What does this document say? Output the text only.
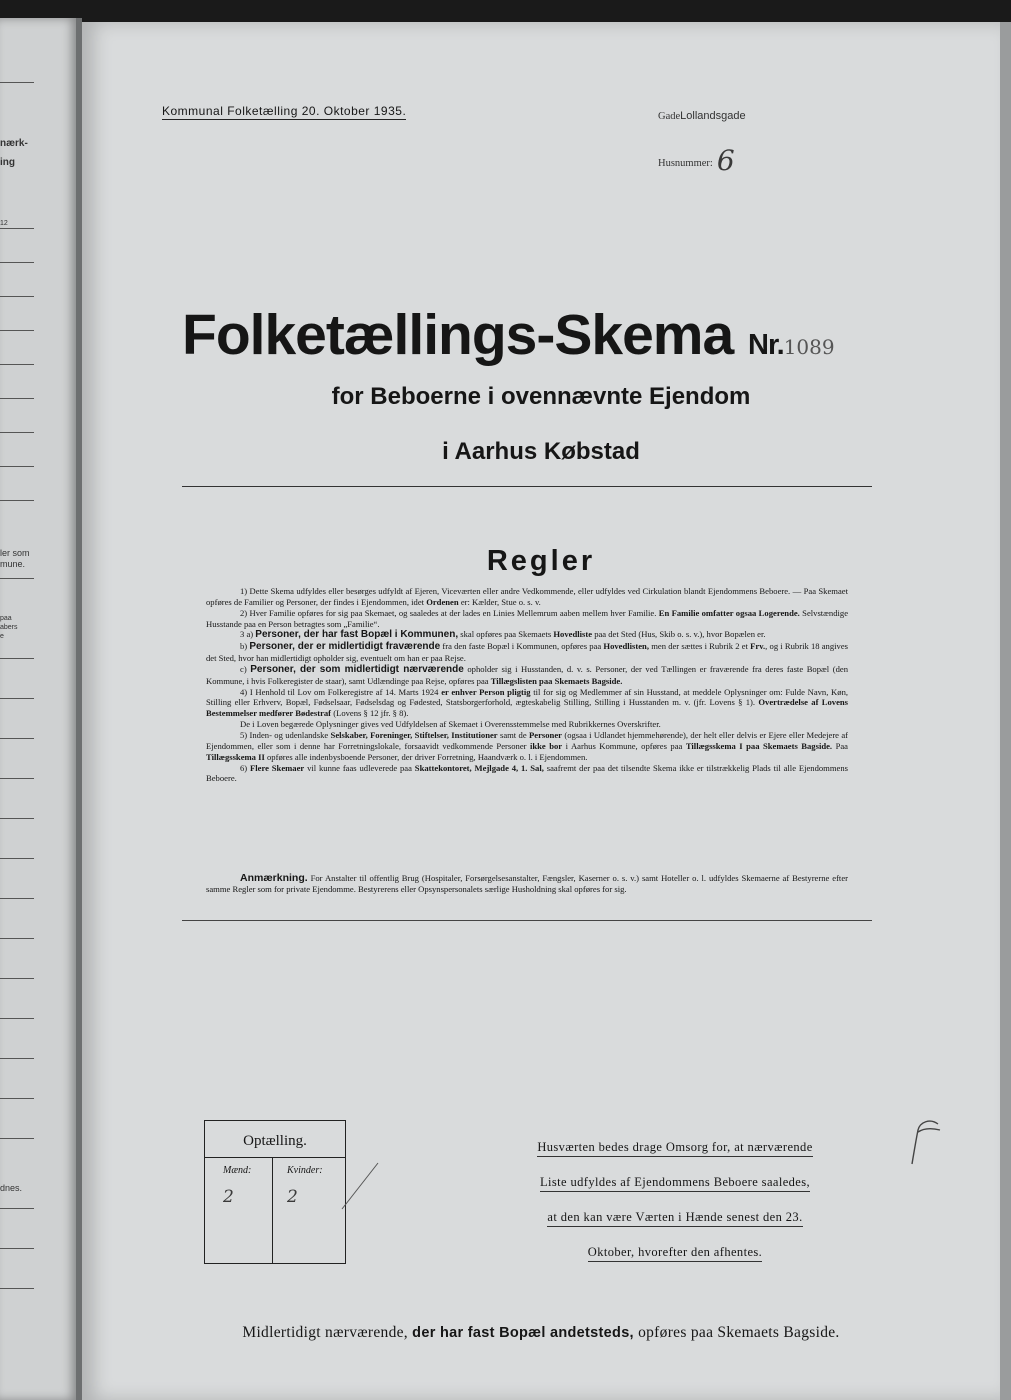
nærk-
ing
12
ler som
mune.
paa
abers
e
dnes.
Kommunal Folketælling 20. Oktober 1935.	GadeLollandsgade
Husnummer: 6
Folketællings-Skema Nr.1089
for Beboerne i ovennævnte Ejendom
i Aarhus Købstad
Regler

1) Dette Skema udfyldes eller besørges udfyldt af Ejeren, Viceværten eller andre Vedkommende, eller udfyldes ved Cirkulation blandt Ejendommens Beboere. — Paa Skemaet opføres de Familier og Personer, der findes i Ejendommen, idet Ordenen er: Kælder, Stue o. s. v.

2) Hver Familie opføres for sig paa Skemaet, og saaledes at der lades en Linies Mellemrum aaben mellem hver Familie. En Familie omfatter ogsaa Logerende. Selvstændige Husstande paa en Person betragtes som „Familie“.

3 a) Personer, der har fast Bopæl i Kommunen, skal opføres paa Skemaets Hovedliste paa det Sted (Hus, Skib o. s. v.), hvor Bopælen er.

b) Personer, der er midlertidigt fraværende fra den faste Bopæl i Kommunen, opføres paa Hovedlisten, men der sættes i Rubrik 2 et Frv., og i Rubrik 18 angives det Sted, hvor han midlertidigt opholder sig, eventuelt om han er paa Rejse.

c) Personer, der som midlertidigt nærværende opholder sig i Husstanden, d. v. s. Personer, der ved Tællingen er fraværende fra deres faste Bopæl (den Kommune, i hvis Folkeregister de staar), samt Udlændinge paa Rejse, opføres paa Tillægslisten paa Skemaets Bagside.

4) I Henhold til Lov om Folkeregistre af 14. Marts 1924 er enhver Person pligtig til for sig og Medlemmer af sin Husstand, at meddele Oplysninger om: Fulde Navn, Køn, Stilling eller Erhverv, Bopæl, Fødselsaar, Fødselsdag og Fødested, Statsborgerforhold, ægteskabelig Stilling, Stilling i Husstanden m. v. (jfr. Lovens § 1). Overtrædelse af Lovens Bestemmelser medfører Bødestraf (Lovens § 12 jfr. § 8).

De i Loven begærede Oplysninger gives ved Udfyldelsen af Skemaet i Overensstemmelse med Rubrikkernes Overskrifter.

5) Inden- og udenlandske Selskaber, Foreninger, Stiftelser, Institutioner samt de Personer (ogsaa i Udlandet hjemmehørende), der helt eller delvis er Ejere eller Medejere af Ejendommen, eller som i denne har Forretningslokale, forsaavidt vedkommende Personer ikke bor i Aarhus Kommune, opføres paa Tillægsskema I paa Skemaets Bagside. Paa Tillægsskema II opføres alle indenbysboende Personer, der driver Forretning, Haandværk o. l. i Ejendommen.

6) Flere Skemaer vil kunne faas udleverede paa Skattekontoret, Mejlgade 4, 1. Sal, saafremt der paa det tilsendte Skema ikke er tilstrækkelig Plads til alle Ejendommens Beboere.

Anmærkning. For Anstalter til offentlig Brug (Hospitaler, Forsørgelsesanstalter, Fængsler, Kaserner o. s. v.) samt Hoteller o. l. udfyldes Skemaerne af Bestyrerne efter samme Regler som for private Ejendomme. Bestyrerens eller Opsynspersonalets særlige Husholdning skal opføres for sig.

Optælling.
Mænd:	Kvinder:
2	2
Husværten bedes drage Omsorg for, at nærværende
Liste udfyldes af Ejendommens Beboere saaledes,
at den kan være Værten i Hænde senest den 23.
Oktober, hvorefter den afhentes.
Midlertidigt nærværende, der har fast Bopæl andetsteds, opføres paa Skemaets Bagside.
